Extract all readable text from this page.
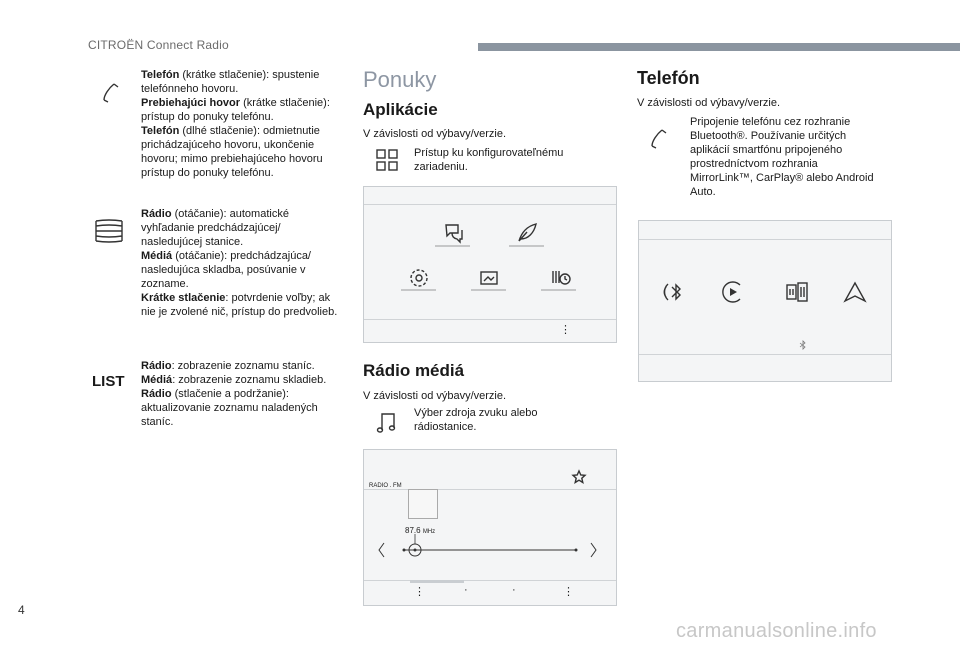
CITROËN Connect Radio
Telefón (krátke stlačenie): spustenie telefónneho hovoru.
Prebiehajúci hovor (krátke stlačenie): prístup do ponuky telefónu.
Telefón (dlhé stlačenie): odmietnutie prichádzajúceho hovoru, ukončenie hovoru; mimo prebiehajúceho hovoru prístup do ponuky telefónu.
Rádio (otáčanie): automatické vyhľadanie predchádzajúcej/ nasledujúcej stanice.
Médiá (otáčanie): predchádzajúca/ nasledujúca skladba, posúvanie v zozname.
Krátke stlačenie: potvrdenie voľby; ak nie je zvolené nič, prístup do predvolieb.
LIST
Rádio: zobrazenie zoznamu staníc.
Médiá: zobrazenie zoznamu skladieb.
Rádio (stlačenie a podržanie): aktualizovanie zoznamu naladených staníc.
Ponuky
Aplikácie
V závislosti od výbavy/verzie.
Prístup ku konfigurovateľnému zariadeniu.
⋮
Rádio médiá
V závislosti od výbavy/verzie.
Výber zdroja zvuku alebo rádiostanice.
RADIO . FM
87.6 MHz
⋮	·	·	⋮
Telefón
V závislosti od výbavy/verzie.
Pripojenie telefónu cez rozhranie Bluetooth®. Používanie určitých aplikácií smartfónu pripojeného prostredníctvom rozhrania MirrorLink™, CarPlay® alebo Android Auto.
4
carmanualsonline.info
